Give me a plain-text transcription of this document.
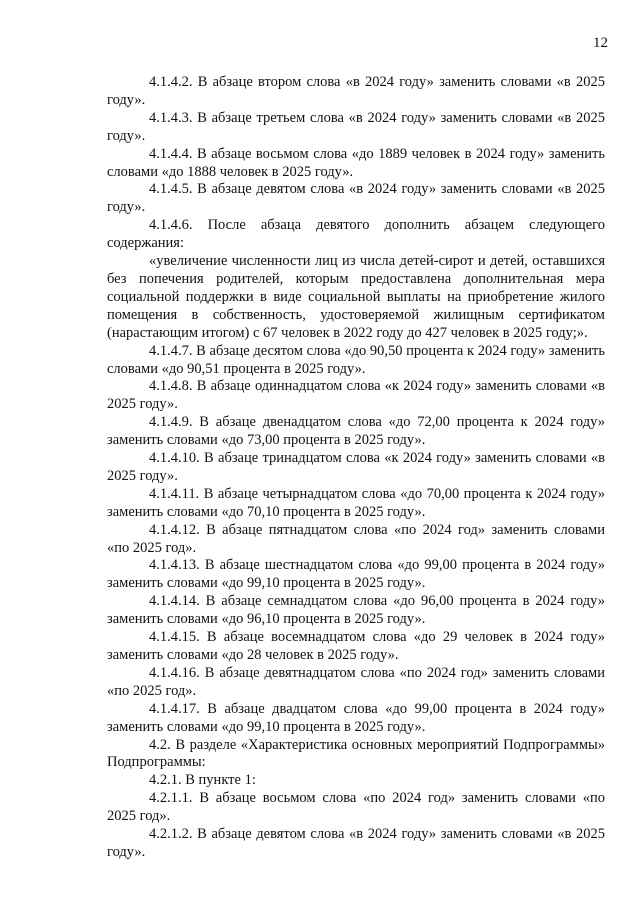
12

4.1.4.2. В абзаце втором слова «в 2024 году» заменить словами «в 2025 году».

4.1.4.3. В абзаце третьем слова «в 2024 году» заменить словами «в 2025 году».

4.1.4.4. В абзаце восьмом слова «до 1889 человек в 2024 году» заменить словами «до 1888 человек в 2025 году».

4.1.4.5. В абзаце девятом слова «в 2024 году» заменить словами «в 2025 году».

4.1.4.6. После абзаца девятого дополнить абзацем следующего содержания:

«увеличение численности лиц из числа детей-сирот и детей, оставшихся без попечения родителей, которым предоставлена дополнительная мера социальной поддержки в виде социальной выплаты на приобретение жилого помещения в собственность, удостоверяемой жилищным сертификатом (нарастающим итогом) с 67 человек в 2022 году до 427 человек в 2025 году;».

4.1.4.7. В абзаце десятом слова «до 90,50 процента к 2024 году» заменить словами «до 90,51 процента в 2025 году».

4.1.4.8. В абзаце одиннадцатом слова «к 2024 году» заменить словами «в 2025 году».

4.1.4.9. В абзаце двенадцатом слова «до 72,00 процента к 2024 году» заменить словами «до 73,00 процента в 2025 году».

4.1.4.10. В абзаце тринадцатом слова «к 2024 году» заменить словами «в 2025 году».

4.1.4.11. В абзаце четырнадцатом слова «до 70,00 процента к 2024 году» заменить словами «до 70,10 процента в 2025 году».

4.1.4.12. В абзаце пятнадцатом слова «по 2024 год» заменить словами «по 2025 год».

4.1.4.13. В абзаце шестнадцатом слова «до 99,00 процента в 2024 году» заменить словами «до 99,10 процента в 2025 году».

4.1.4.14. В абзаце семнадцатом слова «до 96,00 процента в 2024 году» заменить словами «до 96,10 процента в 2025 году».

4.1.4.15. В абзаце восемнадцатом слова «до 29 человек в 2024 году» заменить словами «до 28 человек в 2025 году».

4.1.4.16. В абзаце девятнадцатом слова «по 2024 год» заменить словами «по 2025 год».

4.1.4.17. В абзаце двадцатом слова «до 99,00 процента в 2024 году» заменить словами «до 99,10 процента в 2025 году».

4.2. В разделе «Характеристика основных мероприятий Подпрограммы» Подпрограммы:

4.2.1. В пункте 1:

4.2.1.1. В абзаце восьмом слова «по 2024 год» заменить словами «по 2025 год».

4.2.1.2. В абзаце девятом слова «в 2024 году» заменить словами «в 2025 году».
